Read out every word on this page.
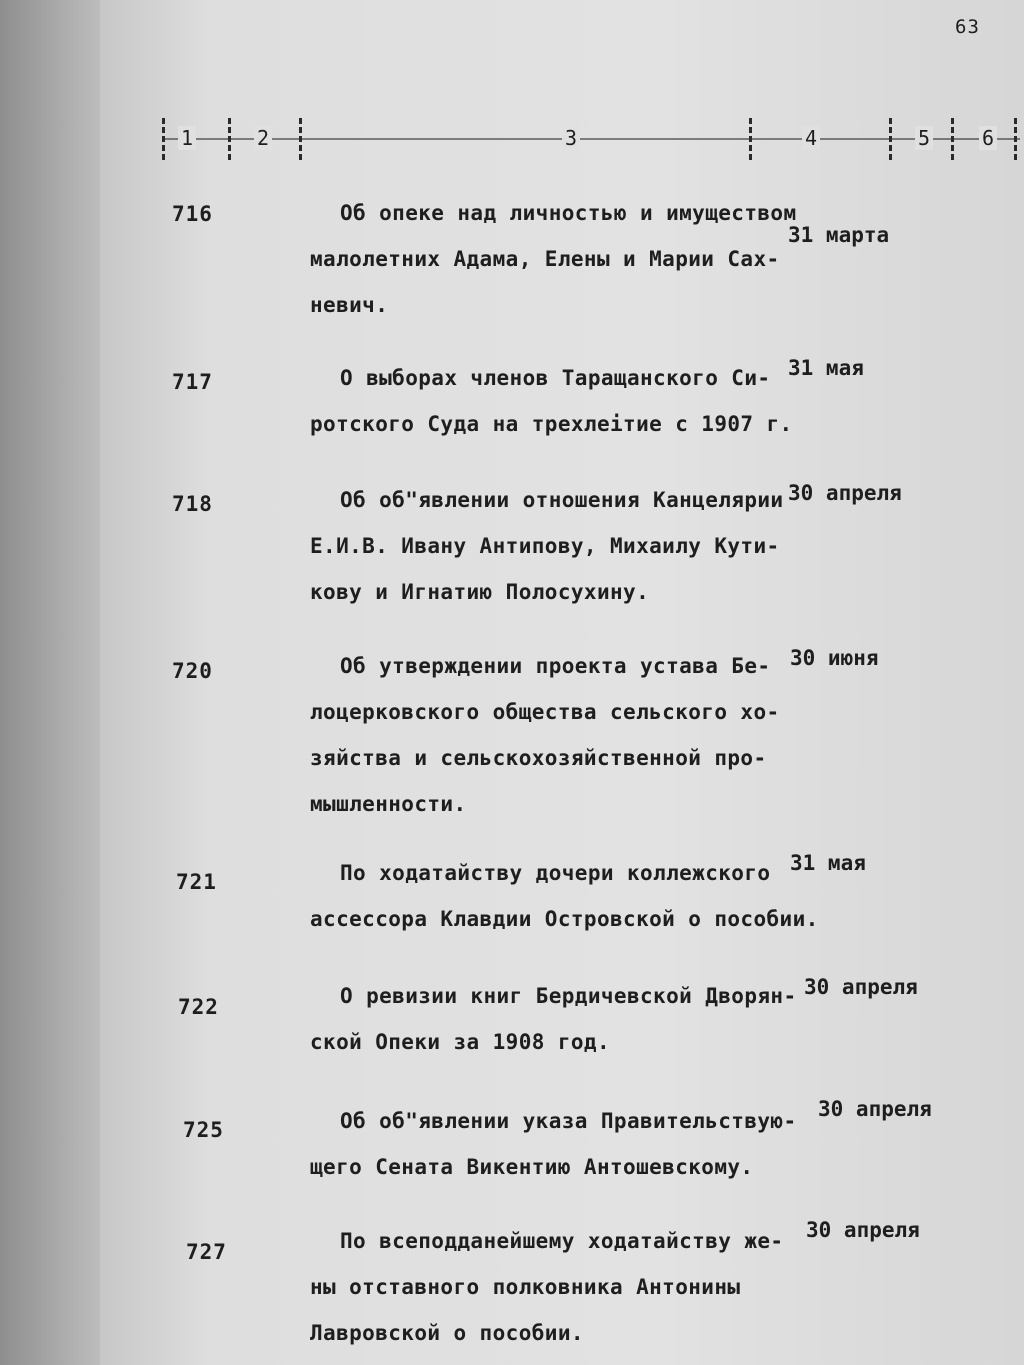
63
1	2	3	4	5	6
716	Об опеке над личностью и имуществом
малолетних Адама, Елены и Марии Сах-
невич.
31 марта
717	О выборах членов Таращанского Си-
ротского Суда на трехлеітие с 1907 г.
31 мая
718	Об об"явлении отношения Канцелярии
Е.И.В. Ивану Антипову, Михаилу Кути-
кову и Игнатию Полосухину.
30 апреля
720	Об утверждении проекта устава Бе-
лоцерковского общества сельского хо-
зяйства и сельскохозяйственной про-
мышленности.
30 июня
721	По ходатайству дочери коллежского
ассессора Клавдии Островской о пособии.
31 мая
722	О ревизии книг Бердичевской Дворян-
ской Опеки за 1908 год.
30 апреля
725	Об об"явлении указа Правительствую-
щего Сената Викентию Антошевскому.
30 апреля
727	По всеподданейшему ходатайству же-
ны отставного полковника Антонины
Лавровской о пособии.
30 апреля
